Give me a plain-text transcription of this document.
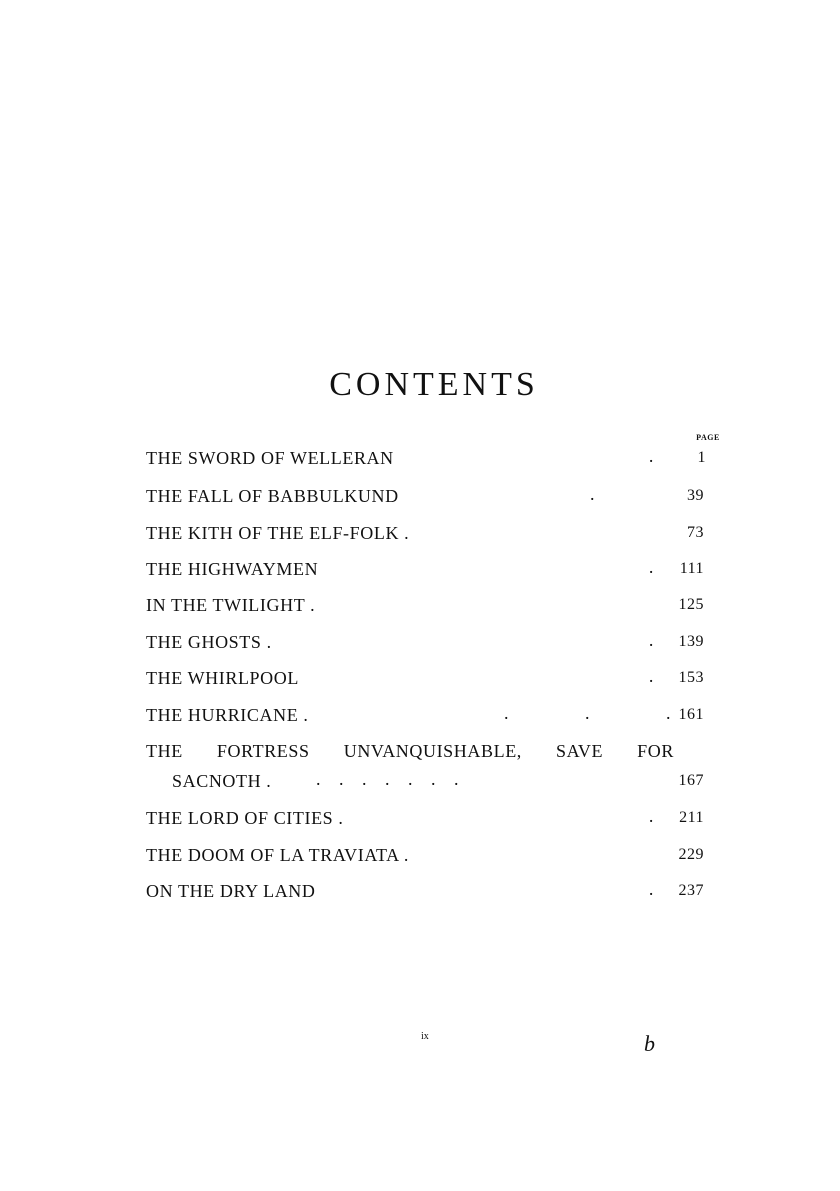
CONTENTS
PAGE
THE SWORD OF WELLERAN	.	1
THE FALL OF BABBULKUND	.	39
THE KITH OF THE ELF-FOLK .	73
THE HIGHWAYMEN	. 111
IN THE TWILIGHT .	125
THE GHOSTS .	. 139
THE WHIRLPOOL	. 153
THE HURRICANE .	. . . 161
THE FORTRESS UNVANQUISHABLE, SAVE FOR
SACNOTH . . . . . . . .	167
THE LORD OF CITIES .	. 211
THE DOOM OF LA TRAVIATA .	229
ON THE DRY LAND	. 237
ix	b
